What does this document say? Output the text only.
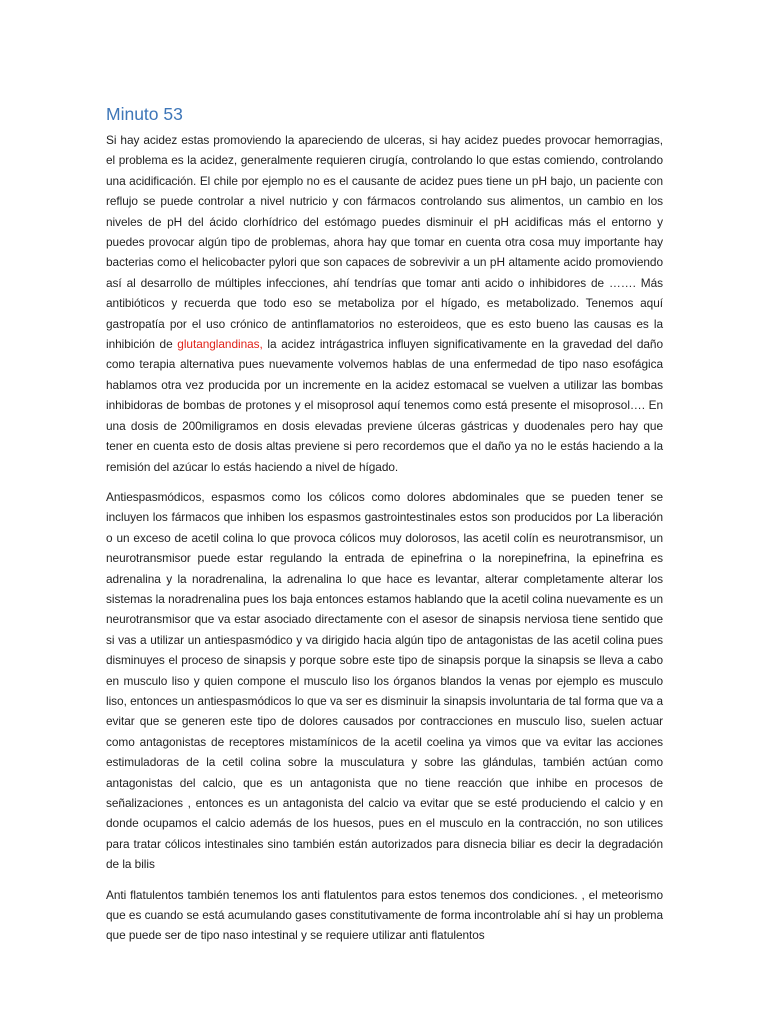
Minuto 53

Si hay acidez estas promoviendo la apareciendo de ulceras, si hay acidez puedes provocar hemorragias, el problema es la acidez, generalmente requieren cirugía, controlando lo que estas comiendo, controlando una acidificación. El chile por ejemplo no es el causante de acidez pues tiene un pH bajo, un paciente con reflujo se puede controlar a nivel nutricio y con fármacos controlando sus alimentos, un cambio en los niveles de pH del ácido clorhídrico del estómago puedes disminuir el pH acidificas más el entorno y puedes provocar algún tipo de problemas, ahora hay que tomar en cuenta otra cosa muy importante hay bacterias como el helicobacter pylori que son capaces de sobrevivir a un pH altamente acido promoviendo así al desarrollo de múltiples infecciones, ahí tendrías que tomar anti acido o inhibidores de ……. Más antibióticos y recuerda que todo eso se metaboliza por el hígado, es metabolizado. Tenemos aquí gastropatía por el uso crónico de antinflamatorios no esteroideos, que es esto bueno las causas es la inhibición de glutanglandinas, la acidez intrágastrica influyen significativamente en la gravedad del daño como terapia alternativa pues nuevamente volvemos hablas de una enfermedad de tipo naso esofágica hablamos otra vez producida por un incremente en la acidez estomacal se vuelven a utilizar las bombas inhibidoras de bombas de protones y el misoprosol aquí tenemos como está presente el misoprosol…. En una dosis de 200miligramos en dosis elevadas previene úlceras gástricas y duodenales pero hay que tener en cuenta esto de dosis altas previene si pero recordemos que el daño ya no le estás haciendo a la remisión del azúcar lo estás haciendo a nivel de hígado.

Antiespasmódicos, espasmos como los cólicos como dolores abdominales que se pueden tener se incluyen los fármacos que inhiben los espasmos gastrointestinales estos son producidos por La liberación o un exceso de acetil colina lo que provoca cólicos muy dolorosos, las acetil colín es neurotransmisor, un neurotransmisor puede estar regulando la entrada de epinefrina o la norepinefrina, la epinefrina es adrenalina y la noradrenalina, la adrenalina lo que hace es levantar, alterar completamente alterar los sistemas la noradrenalina pues los baja entonces estamos hablando que la acetil colina nuevamente es un neurotransmisor que va estar asociado directamente con el asesor de sinapsis nerviosa tiene sentido que si vas a utilizar un antiespasmódico y va dirigido hacia algún tipo de antagonistas de las acetil colina pues disminuyes el proceso de sinapsis y porque sobre este tipo de sinapsis porque la sinapsis se lleva a cabo en musculo liso y quien compone el musculo liso los órganos blandos la venas por ejemplo es musculo liso, entonces un antiespasmódicos lo que va ser es disminuir la sinapsis involuntaria de tal forma que va a evitar que se generen este tipo de dolores causados por contracciones en musculo liso, suelen actuar como antagonistas de receptores mistamínicos de la acetil coelina ya vimos que va evitar las acciones estimuladoras de la cetil colina sobre la musculatura y sobre las glándulas, también actúan como antagonistas del calcio, que es un antagonista que no tiene reacción que inhibe en procesos de señalizaciones , entonces es un antagonista del calcio va evitar que se esté produciendo el calcio y en donde ocupamos el calcio además de los huesos, pues en el musculo en la contracción, no son utilices para tratar cólicos intestinales sino también están autorizados para disnecia biliar es decir la degradación de la bilis

Anti flatulentos también tenemos los anti flatulentos para estos tenemos dos condiciones. , el meteorismo que es cuando se está acumulando gases constitutivamente de forma incontrolable ahí si hay un problema que puede ser de tipo naso intestinal y se requiere utilizar anti flatulentos
